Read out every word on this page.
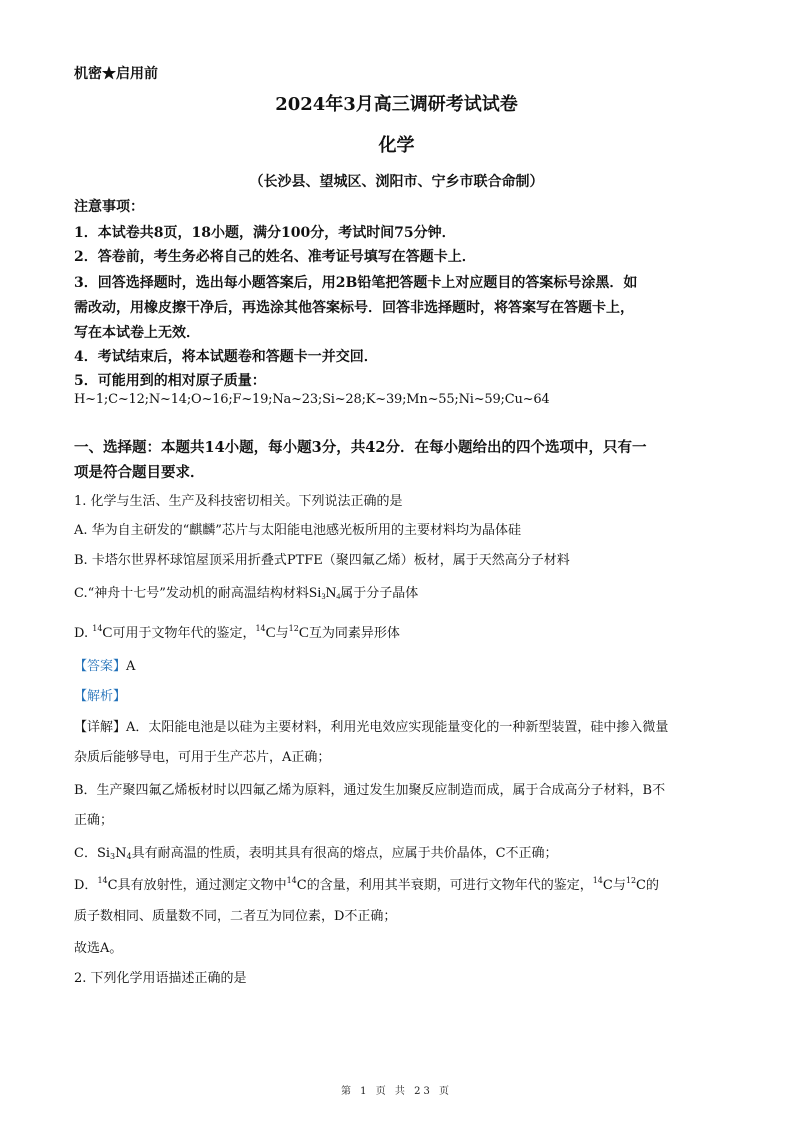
机密★启用前
2024年3月高三调研考试试卷
化学
（长沙县、望城区、浏阳市、宁乡市联合命制）
注意事项：
1．本试卷共8页，18小题，满分100分，考试时间75分钟．
2．答卷前，考生务必将自己的姓名、准考证号填写在答题卡上．
3．回答选择题时，选出每小题答案后，用2B铅笔把答题卡上对应题目的答案标号涂黑．如
需改动，用橡皮擦干净后，再选涂其他答案标号．回答非选择题时，将答案写在答题卡上，
写在本试卷上无效．
4．考试结束后，将本试题卷和答题卡一并交回．
5．可能用到的相对原子质量：
H~1;C~12;N~14;O~16;F~19;Na~23;Si~28;K~39;Mn~55;Ni~59;Cu~64
一、选择题：本题共14小题，每小题3分，共42分．在每小题给出的四个选项中，只有一
项是符合题目要求．
1. 化学与生活、生产及科技密切相关。下列说法正确的是
A. 华为自主研发的“麒麟”芯片与太阳能电池感光板所用的主要材料均为晶体硅
B. 卡塔尔世界杯球馆屋顶采用折叠式PTFE（聚四氟乙烯）板材，属于天然高分子材料
C.“神舟十七号”发动机的耐高温结构材料$Si_3N_4$属于分子晶体
D. $^{14}$C可用于文物年代的鉴定，$^{14}$C与$^{12}$C互为同素异形体
【答案】A
【解析】
【详解】A．太阳能电池是以硅为主要材料，利用光电效应实现能量变化的一种新型装置，硅中掺入微量
杂质后能够导电，可用于生产芯片，A正确；
B．生产聚四氟乙烯板材时以四氟乙烯为原料，通过发生加聚反应制造而成，属于合成高分子材料，B不
正确；
C．$Si_3N_4$具有耐高温的性质，表明其具有很高的熔点，应属于共价晶体，C不正确；
D．$^{14}$C具有放射性，通过测定文物中$^{14}$C的含量，利用其半衰期，可进行文物年代的鉴定，$^{14}$C与$^{12}$C的
质子数相同、质量数不同，二者互为同位素，D不正确；
故选A。
2. 下列化学用语描述正确的是
第 1 页 共 23 页
